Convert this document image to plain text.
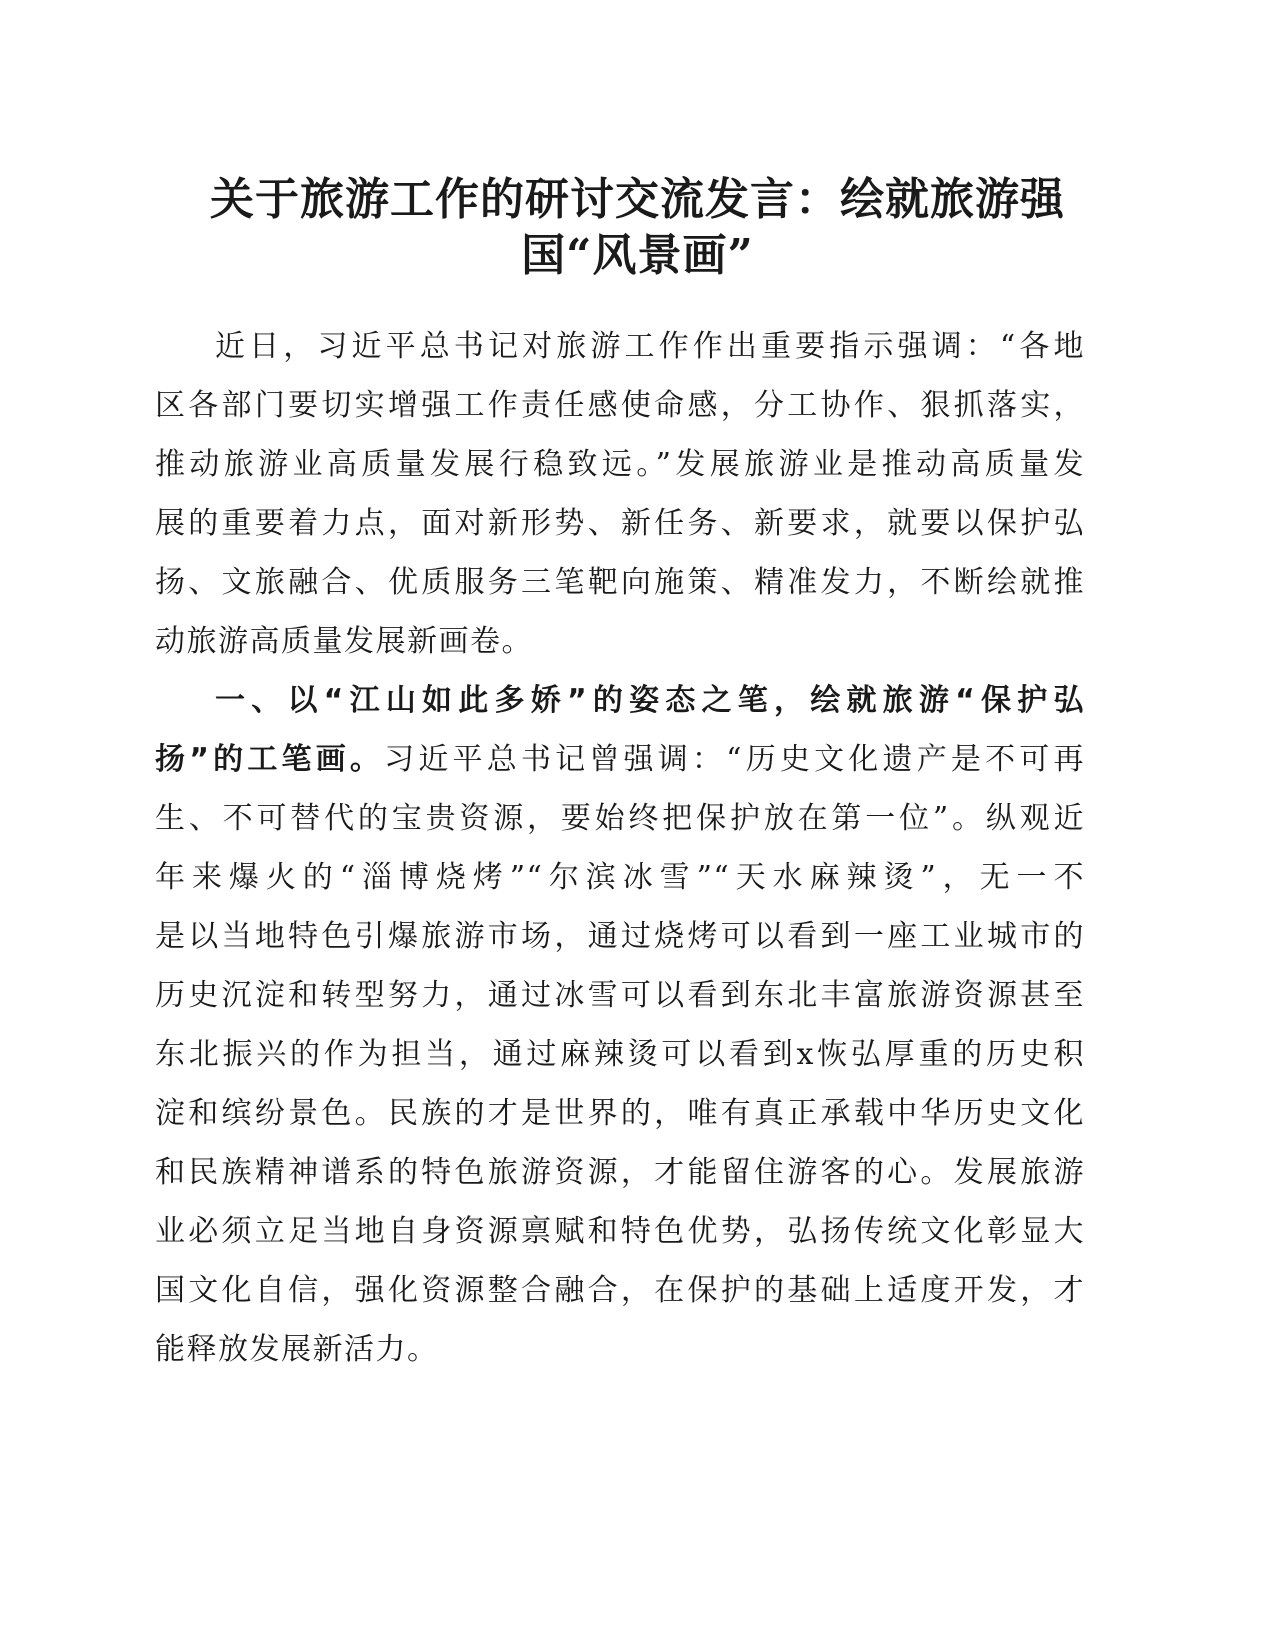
关于旅游工作的研讨交流发言：绘就旅游强
国“风景画”

近日，习近平总书记对旅游工作作出重要指示强调：“各地
区各部门要切实增强工作责任感使命感，分工协作、狠抓落实，
推动旅游业高质量发展行稳致远。”发展旅游业是推动高质量发
展的重要着力点，面对新形势、新任务、新要求，就要以保护弘
扬、文旅融合、优质服务三笔靶向施策、精准发力，不断绘就推
动旅游高质量发展新画卷。

一、以“江山如此多娇”的姿态之笔，绘就旅游“保护弘
扬”的工笔画。习近平总书记曾强调：“历史文化遗产是不可再
生、不可替代的宝贵资源，要始终把保护放在第一位”。纵观近
年来爆火的“淄博烧烤”“尔滨冰雪”“天水麻辣烫”，无一不
是以当地特色引爆旅游市场，通过烧烤可以看到一座工业城市的
历史沉淀和转型努力，通过冰雪可以看到东北丰富旅游资源甚至
东北振兴的作为担当，通过麻辣烫可以看到x恢弘厚重的历史积
淀和缤纷景色。民族的才是世界的，唯有真正承载中华历史文化
和民族精神谱系的特色旅游资源，才能留住游客的心。发展旅游
业必须立足当地自身资源禀赋和特色优势，弘扬传统文化彰显大
国文化自信，强化资源整合融合，在保护的基础上适度开发，才
能释放发展新活力。
